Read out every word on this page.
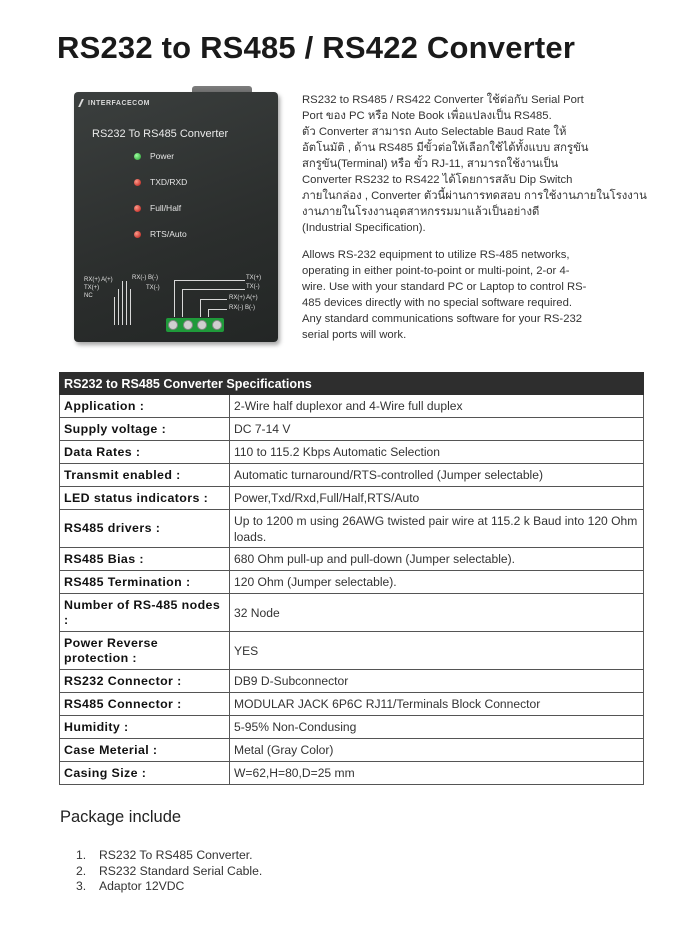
RS232 to RS485 / RS422 Converter
INTERFACECOM
RS232 To RS485 Converter
Power
TXD/RXD
Full/Half
RTS/Auto
RX(+) A(+)
TX(+)
NC
RX(-) B(-)
TX(-)
TX(+)
TX(-)
RX(+) A(+)
RX(-) B(-)
RS232 to RS485 / RS422 Converter ใช้ต่อกับ Serial Port
Port ของ PC หรือ Note Book เพื่อแปลงเป็น RS485.
ตัว Converter สามารถ Auto Selectable Baud Rate ให้
อัตโนมัติ , ด้าน RS485 มีขั้วต่อให้เลือกใช้ได้ทั้งแบบ สกรูขัน
สกรูขัน(Terminal) หรือ ขั้ว RJ-11, สามารถใช้งานเป็น
Converter RS232 to RS422 ได้โดยการสลับ Dip Switch
ภายในกล่อง , Converter ตัวนี้ผ่านการทดสอบ การใช้งานภายในโรงงาน
งานภายในโรงงานอุตสาหกรรมมาแล้วเป็นอย่างดี
(Industrial Specification).
Allows RS-232 equipment to utilize RS-485 networks,
operating in either point-to-point or multi-point, 2-or 4-
wire. Use with your standard PC or Laptop to control RS-
485 devices directly with no special software required.
Any standard communications software for your RS-232
serial ports will work.
RS232 to RS485 Converter Specifications	
Application :	2-Wire half duplexor and 4-Wire full duplex
Supply voltage :	DC 7-14 V
Data Rates :	110 to 115.2 Kbps Automatic Selection
Transmit enabled :	Automatic turnaround/RTS-controlled (Jumper selectable)
LED status indicators :	Power,Txd/Rxd,Full/Half,RTS/Auto
RS485 drivers :	Up to 1200 m using 26AWG twisted pair wire at 115.2 k Baud into 120 Ohm loads.
RS485 Bias :	680 Ohm pull-up and pull-down (Jumper selectable).
RS485 Termination :	120 Ohm (Jumper selectable).
Number of RS-485 nodes :	32 Node
Power Reverse protection :	YES
RS232 Connector :	DB9 D-Subconnector
RS485 Connector :	MODULAR JACK 6P6C RJ11/Terminals Block Connector
Humidity :	5-95% Non-Condusing
Case Meterial :	Metal (Gray Color)
Casing Size :	W=62,H=80,D=25 mm
Package include
1. RS232 To RS485 Converter.
2. RS232 Standard Serial Cable.
3. Adaptor 12VDC
